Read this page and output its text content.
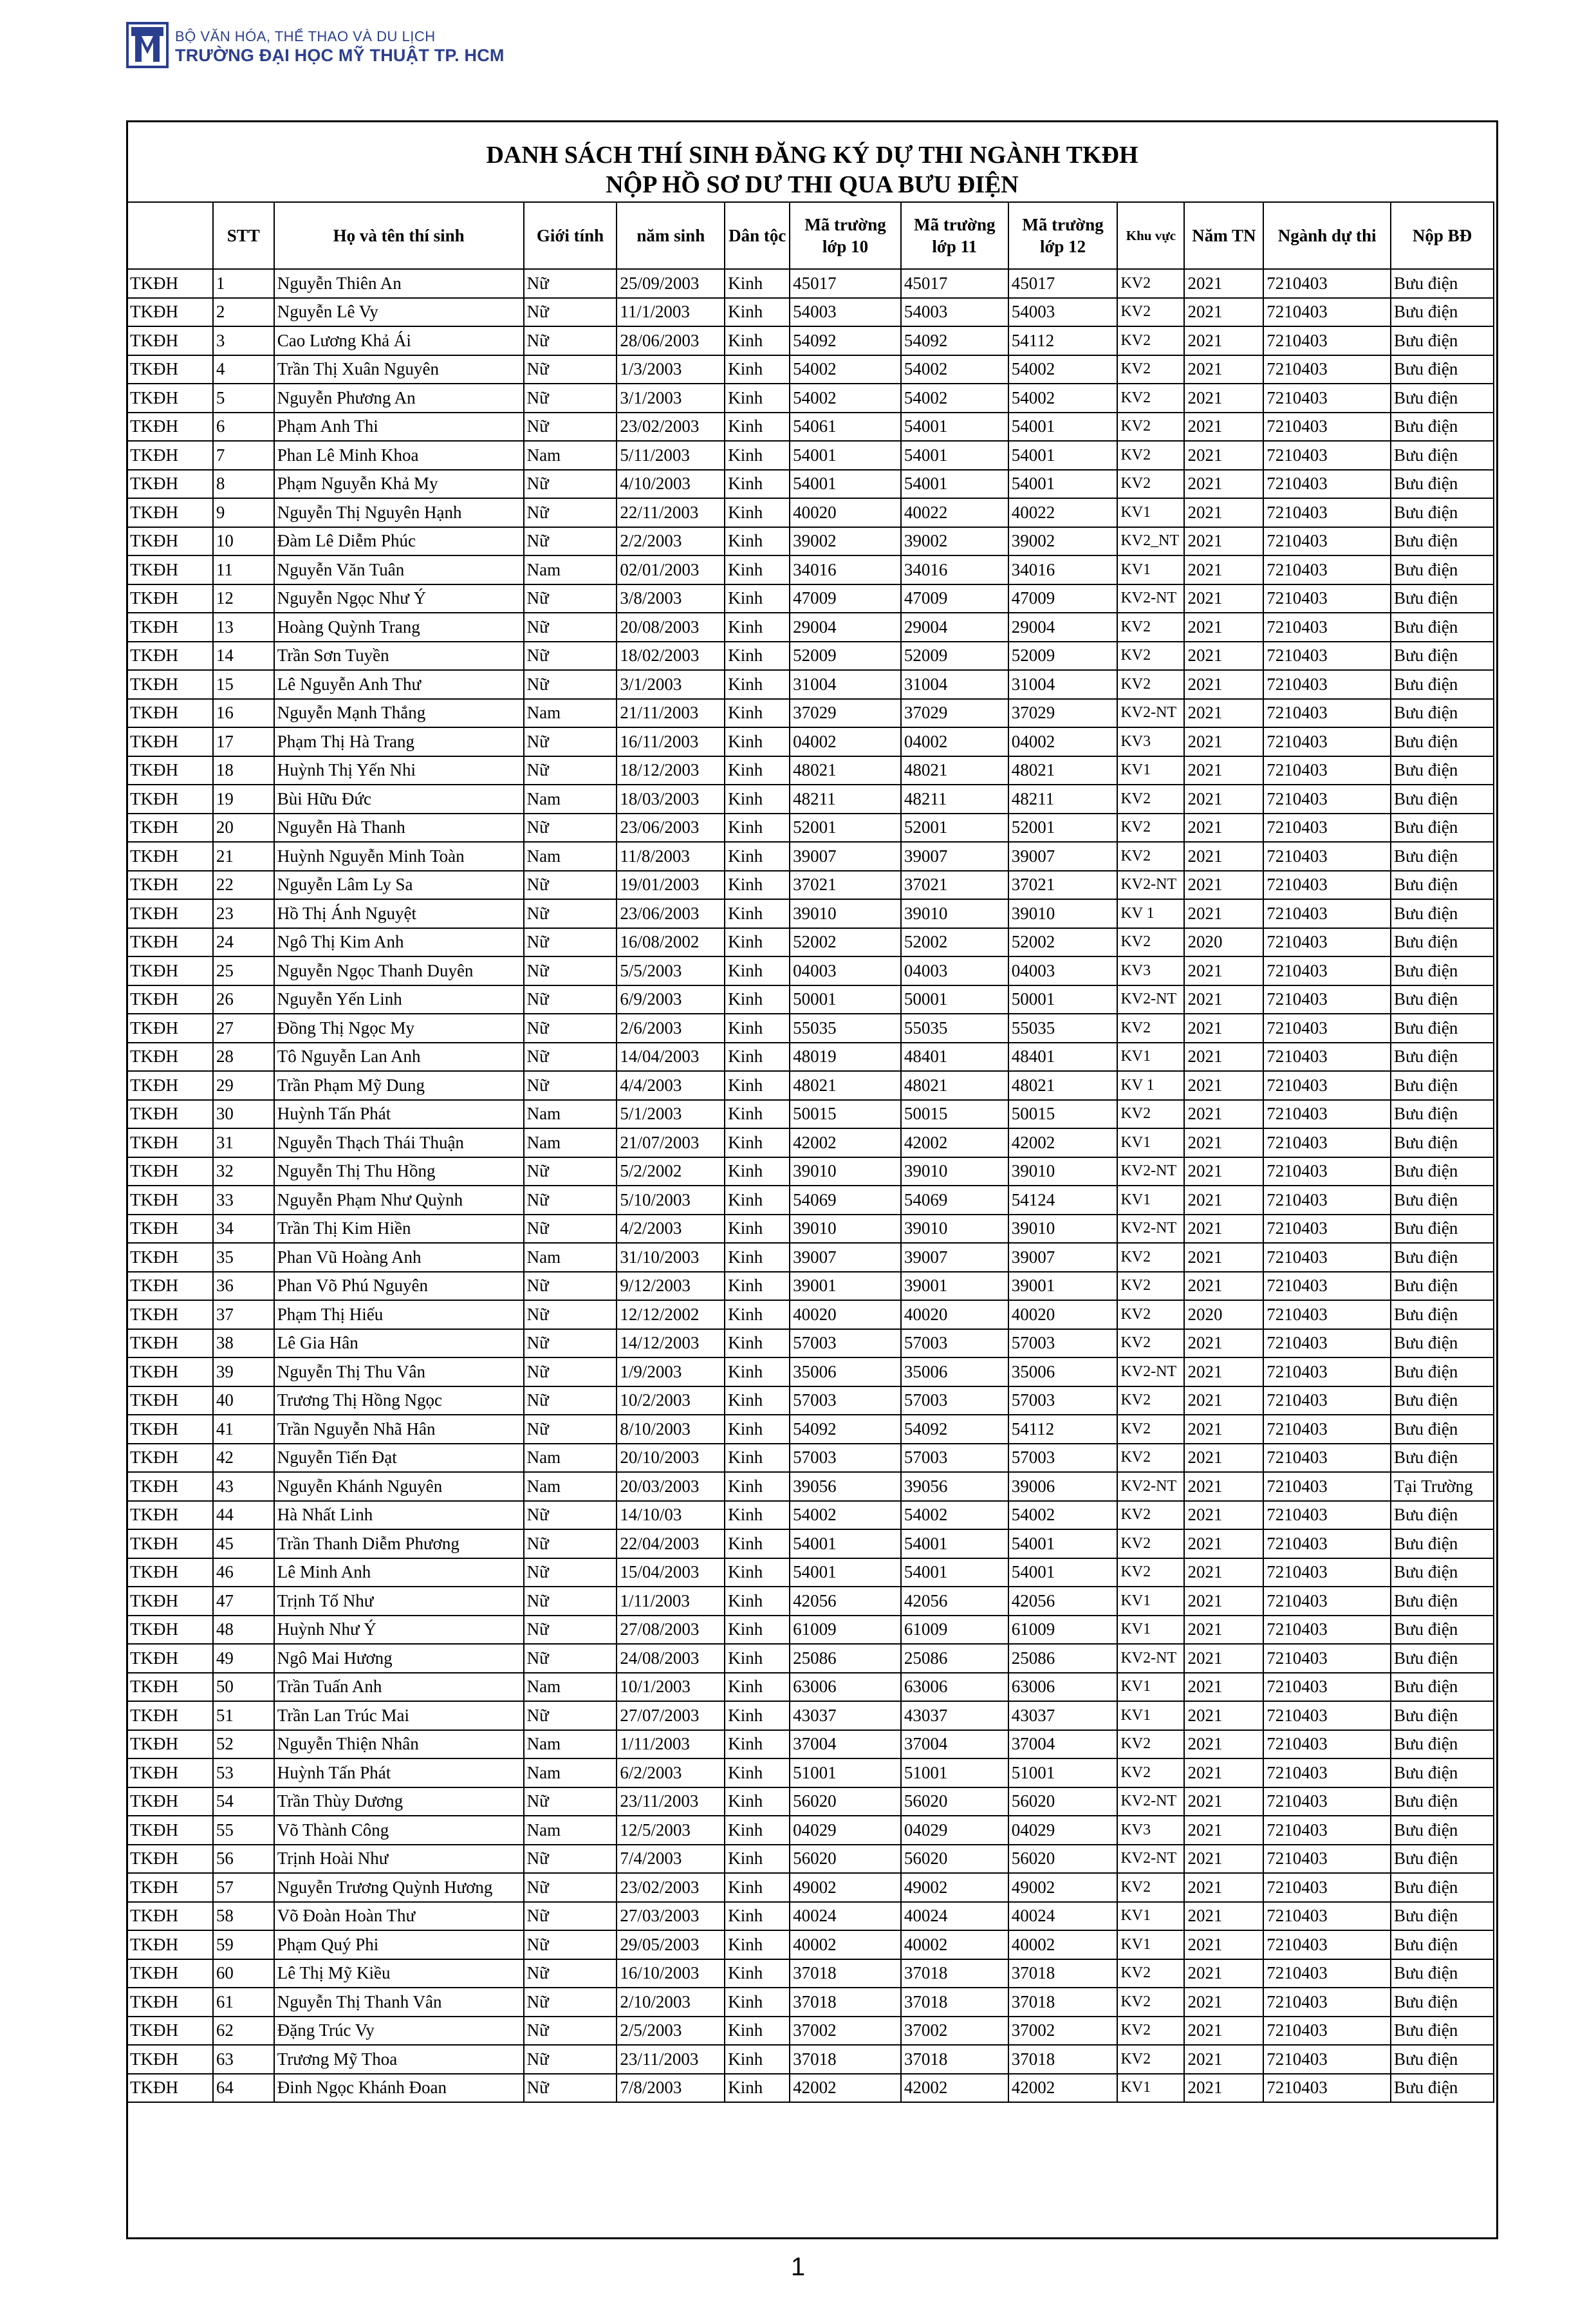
BỘ VĂN HÓA, THỂ THAO VÀ DU LỊCH
TRƯỜNG ĐẠI HỌC MỸ THUẬT TP. HCM
DANH SÁCH THÍ SINH ĐĂNG KÝ DỰ THI NGÀNH TKĐH
NỘP HỒ SƠ DƯ THI QUA BƯU ĐIỆN
	STT	Họ và tên thí sinh	Giới tính	năm sinh	Dân tộc	Mã trường lớp 10	Mã trường lớp 11	Mã trường lớp 12	Khu vực	Năm TN	Ngành dự thi	Nộp BĐ
TKĐH	1	Nguyễn Thiên An	Nữ	25/09/2003	Kinh	45017	45017	45017	KV2	2021	7210403	Bưu điện
TKĐH	2	Nguyễn Lê Vy	Nữ	11/1/2003	Kinh	54003	54003	54003	KV2	2021	7210403	Bưu điện
TKĐH	3	Cao Lương Khả Ái	Nữ	28/06/2003	Kinh	54092	54092	54112	KV2	2021	7210403	Bưu điện
TKĐH	4	Trần Thị Xuân Nguyên	Nữ	1/3/2003	Kinh	54002	54002	54002	KV2	2021	7210403	Bưu điện
TKĐH	5	Nguyễn Phương An	Nữ	3/1/2003	Kinh	54002	54002	54002	KV2	2021	7210403	Bưu điện
TKĐH	6	Phạm Anh Thi	Nữ	23/02/2003	Kinh	54061	54001	54001	KV2	2021	7210403	Bưu điện
TKĐH	7	Phan Lê Minh Khoa	Nam	5/11/2003	Kinh	54001	54001	54001	KV2	2021	7210403	Bưu điện
TKĐH	8	Phạm Nguyễn Khả My	Nữ	4/10/2003	Kinh	54001	54001	54001	KV2	2021	7210403	Bưu điện
TKĐH	9	Nguyễn Thị Nguyên Hạnh	Nữ	22/11/2003	Kinh	40020	40022	40022	KV1	2021	7210403	Bưu điện
TKĐH	10	Đàm Lê Diễm Phúc	Nữ	2/2/2003	Kinh	39002	39002	39002	KV2_NT	2021	7210403	Bưu điện
TKĐH	11	Nguyễn Văn Tuân	Nam	02/01/2003	Kinh	34016	34016	34016	KV1	2021	7210403	Bưu điện
TKĐH	12	Nguyễn Ngọc Như Ý	Nữ	3/8/2003	Kinh	47009	47009	47009	KV2-NT	2021	7210403	Bưu điện
TKĐH	13	Hoàng Quỳnh Trang	Nữ	20/08/2003	Kinh	29004	29004	29004	KV2	2021	7210403	Bưu điện
TKĐH	14	Trần Sơn Tuyền	Nữ	18/02/2003	Kinh	52009	52009	52009	KV2	2021	7210403	Bưu điện
TKĐH	15	Lê Nguyễn Anh Thư	Nữ	3/1/2003	Kinh	31004	31004	31004	KV2	2021	7210403	Bưu điện
TKĐH	16	Nguyễn Mạnh Thắng	Nam	21/11/2003	Kinh	37029	37029	37029	KV2-NT	2021	7210403	Bưu điện
TKĐH	17	Phạm Thị Hà Trang	Nữ	16/11/2003	Kinh	04002	04002	04002	KV3	2021	7210403	Bưu điện
TKĐH	18	Huỳnh Thị Yến Nhi	Nữ	18/12/2003	Kinh	48021	48021	48021	KV1	2021	7210403	Bưu điện
TKĐH	19	Bùi Hữu Đức	Nam	18/03/2003	Kinh	48211	48211	48211	KV2	2021	7210403	Bưu điện
TKĐH	20	Nguyễn Hà Thanh	Nữ	23/06/2003	Kinh	52001	52001	52001	KV2	2021	7210403	Bưu điện
TKĐH	21	Huỳnh Nguyễn Minh Toàn	Nam	11/8/2003	Kinh	39007	39007	39007	KV2	2021	7210403	Bưu điện
TKĐH	22	Nguyễn Lâm Ly Sa	Nữ	19/01/2003	Kinh	37021	37021	37021	KV2-NT	2021	7210403	Bưu điện
TKĐH	23	Hồ Thị Ánh Nguyệt	Nữ	23/06/2003	Kinh	39010	39010	39010	KV 1	2021	7210403	Bưu điện
TKĐH	24	Ngô Thị Kim Anh	Nữ	16/08/2002	Kinh	52002	52002	52002	KV2	2020	7210403	Bưu điện
TKĐH	25	Nguyễn Ngọc Thanh Duyên	Nữ	5/5/2003	Kinh	04003	04003	04003	KV3	2021	7210403	Bưu điện
TKĐH	26	Nguyễn Yến Linh	Nữ	6/9/2003	Kinh	50001	50001	50001	KV2-NT	2021	7210403	Bưu điện
TKĐH	27	Đồng Thị Ngọc My	Nữ	2/6/2003	Kinh	55035	55035	55035	KV2	2021	7210403	Bưu điện
TKĐH	28	Tô Nguyễn Lan Anh	Nữ	14/04/2003	Kinh	48019	48401	48401	KV1	2021	7210403	Bưu điện
TKĐH	29	Trần Phạm Mỹ Dung	Nữ	4/4/2003	Kinh	48021	48021	48021	KV 1	2021	7210403	Bưu điện
TKĐH	30	Huỳnh Tấn Phát	Nam	5/1/2003	Kinh	50015	50015	50015	KV2	2021	7210403	Bưu điện
TKĐH	31	Nguyễn Thạch Thái Thuận	Nam	21/07/2003	Kinh	42002	42002	42002	KV1	2021	7210403	Bưu điện
TKĐH	32	Nguyễn Thị Thu Hồng	Nữ	5/2/2002	Kinh	39010	39010	39010	KV2-NT	2021	7210403	Bưu điện
TKĐH	33	Nguyễn Phạm Như Quỳnh	Nữ	5/10/2003	Kinh	54069	54069	54124	KV1	2021	7210403	Bưu điện
TKĐH	34	Trần Thị Kim Hiền	Nữ	4/2/2003	Kinh	39010	39010	39010	KV2-NT	2021	7210403	Bưu điện
TKĐH	35	Phan Vũ Hoàng Anh	Nam	31/10/2003	Kinh	39007	39007	39007	KV2	2021	7210403	Bưu điện
TKĐH	36	Phan Võ Phú Nguyên	Nữ	9/12/2003	Kinh	39001	39001	39001	KV2	2021	7210403	Bưu điện
TKĐH	37	Phạm Thị Hiếu	Nữ	12/12/2002	Kinh	40020	40020	40020	KV2	2020	7210403	Bưu điện
TKĐH	38	Lê Gia Hân	Nữ	14/12/2003	Kinh	57003	57003	57003	KV2	2021	7210403	Bưu điện
TKĐH	39	Nguyễn Thị Thu Vân	Nữ	1/9/2003	Kinh	35006	35006	35006	KV2-NT	2021	7210403	Bưu điện
TKĐH	40	Trương Thị Hồng Ngọc	Nữ	10/2/2003	Kinh	57003	57003	57003	KV2	2021	7210403	Bưu điện
TKĐH	41	Trần Nguyễn Nhã Hân	Nữ	8/10/2003	Kinh	54092	54092	54112	KV2	2021	7210403	Bưu điện
TKĐH	42	Nguyễn Tiến Đạt	Nam	20/10/2003	Kinh	57003	57003	57003	KV2	2021	7210403	Bưu điện
TKĐH	43	Nguyễn Khánh Nguyên	Nam	20/03/2003	Kinh	39056	39056	39006	KV2-NT	2021	7210403	Tại Trường
TKĐH	44	Hà Nhất Linh	Nữ	14/10/03	Kinh	54002	54002	54002	KV2	2021	7210403	Bưu điện
TKĐH	45	Trần Thanh Diễm Phương	Nữ	22/04/2003	Kinh	54001	54001	54001	KV2	2021	7210403	Bưu điện
TKĐH	46	Lê Minh Anh	Nữ	15/04/2003	Kinh	54001	54001	54001	KV2	2021	7210403	Bưu điện
TKĐH	47	Trịnh Tố Như	Nữ	1/11/2003	Kinh	42056	42056	42056	KV1	2021	7210403	Bưu điện
TKĐH	48	Huỳnh Như Ý	Nữ	27/08/2003	Kinh	61009	61009	61009	KV1	2021	7210403	Bưu điện
TKĐH	49	Ngô Mai Hương	Nữ	24/08/2003	Kinh	25086	25086	25086	KV2-NT	2021	7210403	Bưu điện
TKĐH	50	Trần Tuấn Anh	Nam	10/1/2003	Kinh	63006	63006	63006	KV1	2021	7210403	Bưu điện
TKĐH	51	Trần Lan Trúc Mai	Nữ	27/07/2003	Kinh	43037	43037	43037	KV1	2021	7210403	Bưu điện
TKĐH	52	Nguyễn Thiện Nhân	Nam	1/11/2003	Kinh	37004	37004	37004	KV2	2021	7210403	Bưu điện
TKĐH	53	Huỳnh Tấn Phát	Nam	6/2/2003	Kinh	51001	51001	51001	KV2	2021	7210403	Bưu điện
TKĐH	54	Trần Thùy Dương	Nữ	23/11/2003	Kinh	56020	56020	56020	KV2-NT	2021	7210403	Bưu điện
TKĐH	55	Võ Thành Công	Nam	12/5/2003	Kinh	04029	04029	04029	KV3	2021	7210403	Bưu điện
TKĐH	56	Trịnh Hoài Như	Nữ	7/4/2003	Kinh	56020	56020	56020	KV2-NT	2021	7210403	Bưu điện
TKĐH	57	Nguyễn Trương Quỳnh Hương	Nữ	23/02/2003	Kinh	49002	49002	49002	KV2	2021	7210403	Bưu điện
TKĐH	58	Võ Đoàn Hoàn Thư	Nữ	27/03/2003	Kinh	40024	40024	40024	KV1	2021	7210403	Bưu điện
TKĐH	59	Phạm Quý Phi	Nữ	29/05/2003	Kinh	40002	40002	40002	KV1	2021	7210403	Bưu điện
TKĐH	60	Lê Thị Mỹ Kiều	Nữ	16/10/2003	Kinh	37018	37018	37018	KV2	2021	7210403	Bưu điện
TKĐH	61	Nguyễn Thị Thanh Vân	Nữ	2/10/2003	Kinh	37018	37018	37018	KV2	2021	7210403	Bưu điện
TKĐH	62	Đặng Trúc Vy	Nữ	2/5/2003	Kinh	37002	37002	37002	KV2	2021	7210403	Bưu điện
TKĐH	63	Trương Mỹ Thoa	Nữ	23/11/2003	Kinh	37018	37018	37018	KV2	2021	7210403	Bưu điện
TKĐH	64	Đinh Ngọc Khánh Đoan	Nữ	7/8/2003	Kinh	42002	42002	42002	KV1	2021	7210403	Bưu điện
1
